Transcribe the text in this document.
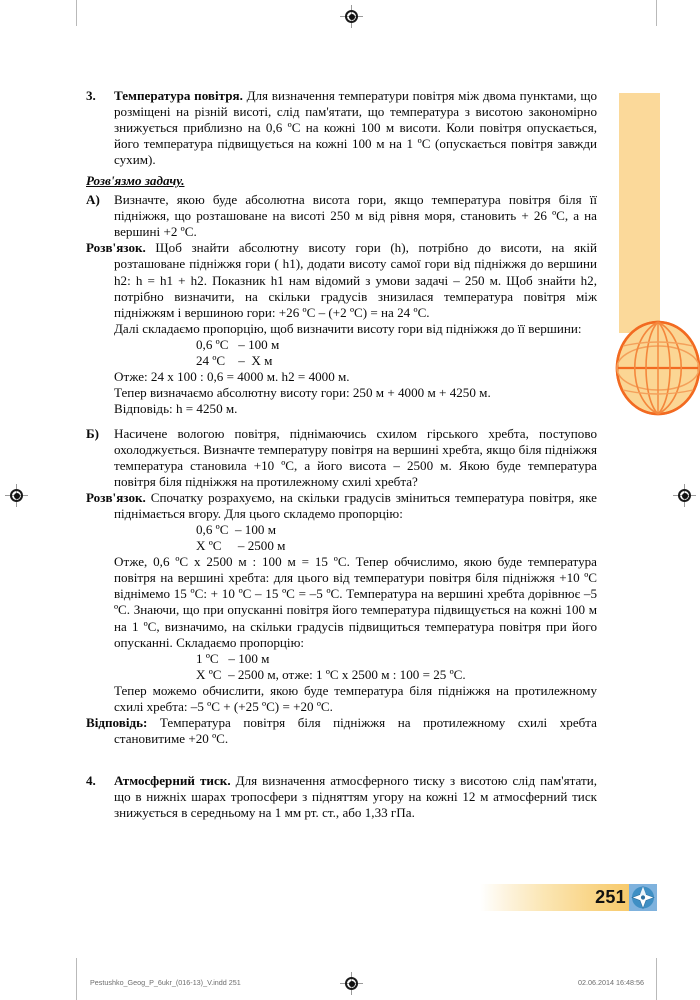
3.	Температура повітря. Для визначення температури повітря між двома пунктами, що розміщені на різній висоті, слід пам'ятати, що температура з висотою закономірно знижується приблизно на 0,6 ºС на кожні 100 м висоти. Коли повітря опускається, його температура підвищується на кожні 100 м на 1 ºС (опускається повітря завжди сухим).
Розв'язмо задачу.
А)	Визначте, якою буде абсолютна висота гори, якщо температура повітря біля її підніжжя, що розташоване на висоті 250 м від рівня моря, становить + 26 ºС, а на вершині +2 ºС.
Розв'язок. Щоб знайти абсолютну висоту гори (h), потрібно до висоти, на якій розташоване підніжжя гори ( h1), додати висоту самої гори від підніжжя до вершини h2: h = h1 + h2. Показник h1 нам відомий з умови задачі – 250 м. Щоб знайти h2, потрібно визначити, на скільки градусів знизилася температура повітря між підніжжям і вершиною гори: +26 ºС – (+2 ºС) = на 24 ºС.
Далі складаємо пропорцію, щоб визначити висоту гори від підніжжя до її вершини:
0,6 ºС   – 100 м
24 ºС    –  Х м
Отже: 24 х 100 : 0,6 = 4000 м. h2 = 4000 м.
Тепер визначаємо абсолютну висоту гори: 250 м + 4000 м + 4250 м.
Відповідь: h = 4250 м.
Б)	Насичене вологою повітря, піднімаючись схилом гірського хребта, поступово охолоджується. Визначте температуру повітря на вершині хребта, якщо біля підніжжя температура становила +10 ºС, а його висота – 2500 м. Якою буде температура повітря біля підніжжя на протилежному схилі хребта?
Розв'язок. Спочатку розрахуємо, на скільки градусів зміниться температура повітря, яке піднімається вгору. Для цього складемо пропорцію:
0,6 ºС  – 100 м
Х ºС     – 2500 м
Отже, 0,6 ºС х 2500 м : 100 м = 15 ºС. Тепер обчислимо, якою буде температура повітря на вершині хребта: для цього від температури повітря біля підніжжя +10 ºС віднімемо 15 ºС: + 10 ºС – 15 ºС = –5 ºС. Температура на вершині хребта дорівнює –5 ºС. Знаючи, що при опусканні повітря його температура підвищується на кожні 100 м на 1 ºС, визначимо, на скільки градусів підвищиться температура повітря при його опусканні. Складаємо пропорцію:
1 ºС   – 100 м
Х ºС  – 2500 м, отже: 1 ºС х 2500 м : 100 = 25 ºС.
Тепер можемо обчислити, якою буде температура біля підніжжя на протилежному схилі хребта: –5 ºС + (+25 ºС) = +20 ºС.
Відповідь: Температура повітря біля підніжжя на протилежному схилі хребта становитиме +20 ºС.
4.	Атмосферний тиск. Для визначення атмосферного тиску з висотою слід пам'ятати, що в нижніх шарах тропосфери з підняттям угору на кожні 12 м атмосферний тиск знижується в середньому на 1 мм рт. ст., або 1,33 гПа.
251
Pestushko_Geog_P_6ukr_(016-13)_V.indd 251	02.06.2014 16:48:56
